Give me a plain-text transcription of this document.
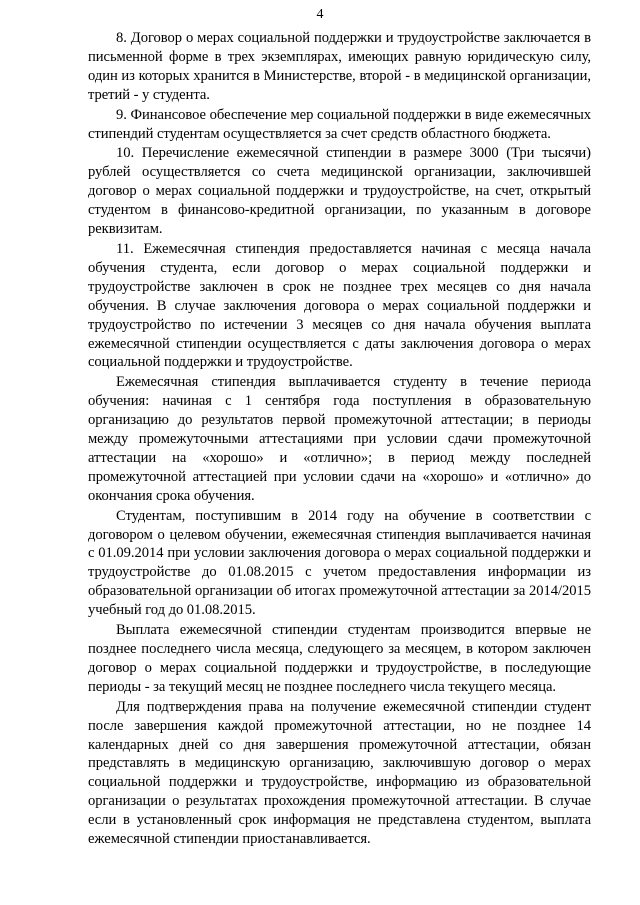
4

8. Договор о мерах социальной поддержки и трудоустройстве заключается в письменной форме в трех экземплярах, имеющих равную юридическую силу, один из которых хранится в Министерстве, второй - в медицинской организации, третий - у студента.

9. Финансовое обеспечение мер социальной поддержки в виде ежемесячных стипендий студентам осуществляется за счет средств областного бюджета.

10. Перечисление ежемесячной стипендии в размере 3000 (Три тысячи) рублей осуществляется со счета медицинской организации, заключившей договор о мерах социальной поддержки и трудоустройстве, на счет, открытый студентом в финансово-кредитной организации, по указанным в договоре реквизитам.

11. Ежемесячная стипендия предоставляется начиная с месяца начала обучения студента, если договор о мерах социальной поддержки и трудоустройстве заключен в срок не позднее трех месяцев со дня начала обучения. В случае заключения договора о мерах социальной поддержки и трудоустройство по истечении 3 месяцев со дня начала обучения выплата ежемесячной стипендии осуществляется с даты заключения договора о мерах социальной поддержки и трудоустройстве.

Ежемесячная стипендия выплачивается студенту в течение периода обучения: начиная с 1 сентября года поступления в образовательную организацию до результатов первой промежуточной аттестации; в периоды между промежуточными аттестациями при условии сдачи промежуточной аттестации на «хорошо» и «отлично»; в период между последней промежуточной аттестацией при условии сдачи на «хорошо» и «отлично» до окончания срока обучения.

Студентам, поступившим в 2014 году на обучение в соответствии с договором о целевом обучении, ежемесячная стипендия выплачивается начиная с 01.09.2014 при условии заключения договора о мерах социальной поддержки и трудоустройстве до 01.08.2015 с учетом предоставления информации из образовательной организации об итогах промежуточной аттестации за 2014/2015 учебный год до 01.08.2015.

Выплата ежемесячной стипендии студентам производится впервые не позднее последнего числа месяца, следующего за месяцем, в котором заключен договор о мерах социальной поддержки и трудоустройстве, в последующие периоды - за текущий месяц не позднее последнего числа текущего месяца.

Для подтверждения права на получение ежемесячной стипендии студент после завершения каждой промежуточной аттестации, но не позднее 14 календарных дней со дня завершения промежуточной аттестации, обязан представлять в медицинскую организацию, заключившую договор о мерах социальной поддержки и трудоустройстве, информацию из образовательной организации о результатах прохождения промежуточной аттестации. В случае если в установленный срок информация не представлена студентом, выплата ежемесячной стипендии приостанавливается.
